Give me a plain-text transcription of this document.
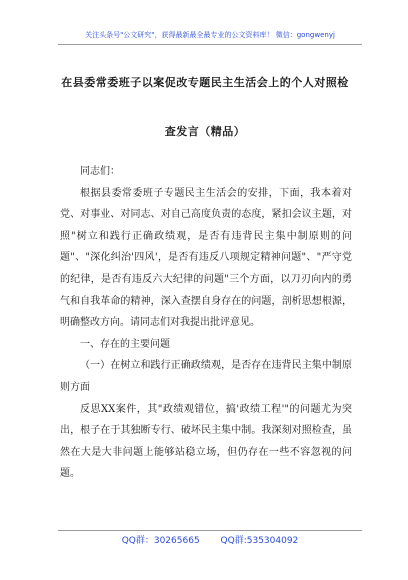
关注头条号"公文研究"，获得最新最全最专业的公文资料库！ 微信：gongwenyj
在县委常委班子以案促改专题民主生活会上的个人对照检
查发言（精品）

同志们：

根据县委常委班子专题民主生活会的安排，下面，我本着对党、对事业、对同志、对自己高度负责的态度，紧扣会议主题，对照"树立和践行正确政绩观，是否有违背民主集中制原则的问题"、"深化纠治'四风'，是否有违反八项规定精神问题"、"严守党的纪律，是否有违反六大纪律的问题"三个方面，以刀刃向内的勇气和自我革命的精神，深入查摆自身存在的问题，剖析思想根源，明确整改方向。请同志们对我提出批评意见。

一、存在的主要问题

（一）在树立和践行正确政绩观，是否存在违背民主集中制原则方面

反思XX案件，其"政绩观错位，搞'政绩工程'"的问题尤为突出，根子在于其独断专行、破坏民主集中制。我深刻对照检查，虽然在大是大非问题上能够站稳立场，但仍存在一些不容忽视的问题。

QQ群：30265665 QQ群:535304092
